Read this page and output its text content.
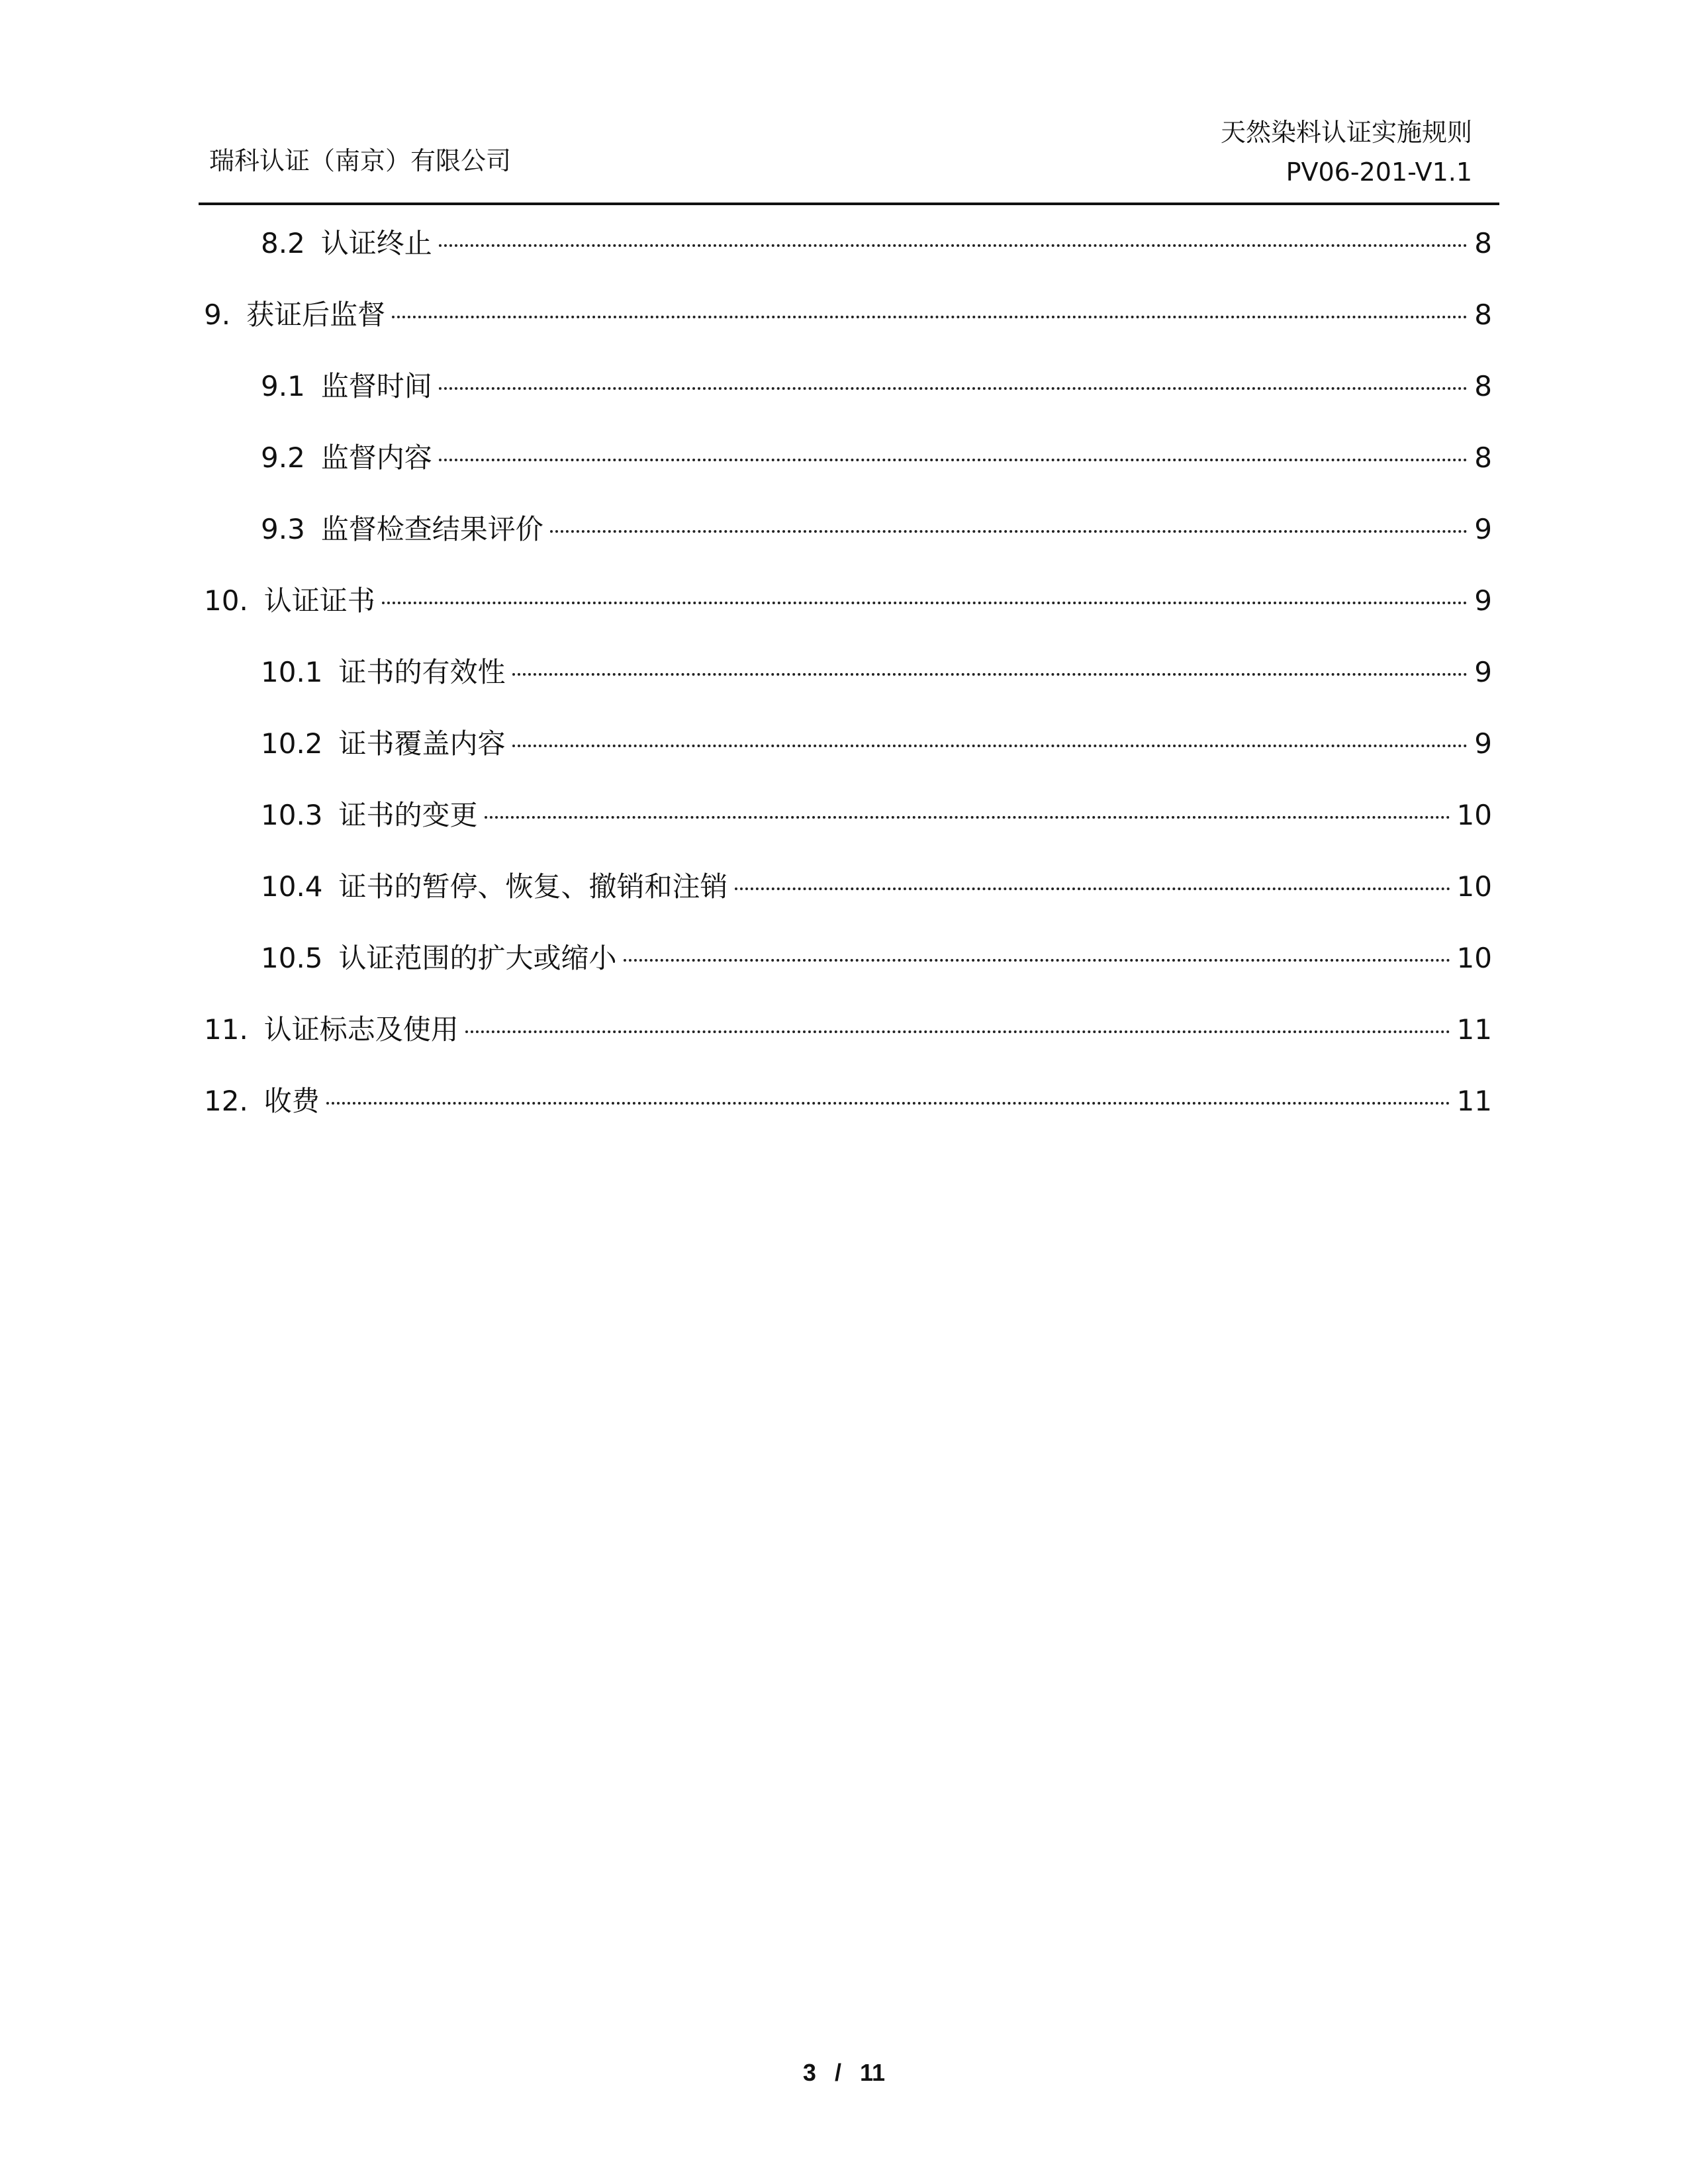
瑞科认证（南京）有限公司
天然染料认证实施规则
PV06-201-V1.1
8.2 认证终止	8
9. 获证后监督	8
9.1 监督时间	8
9.2 监督内容	8
9.3 监督检查结果评价	9
10. 认证证书	9
10.1 证书的有效性	9
10.2 证书覆盖内容	9
10.3 证书的变更	10
10.4 证书的暂停、恢复、撤销和注销	10
10.5 认证范围的扩大或缩小	10
11. 认证标志及使用	11
12. 收费	11
3 / 11
